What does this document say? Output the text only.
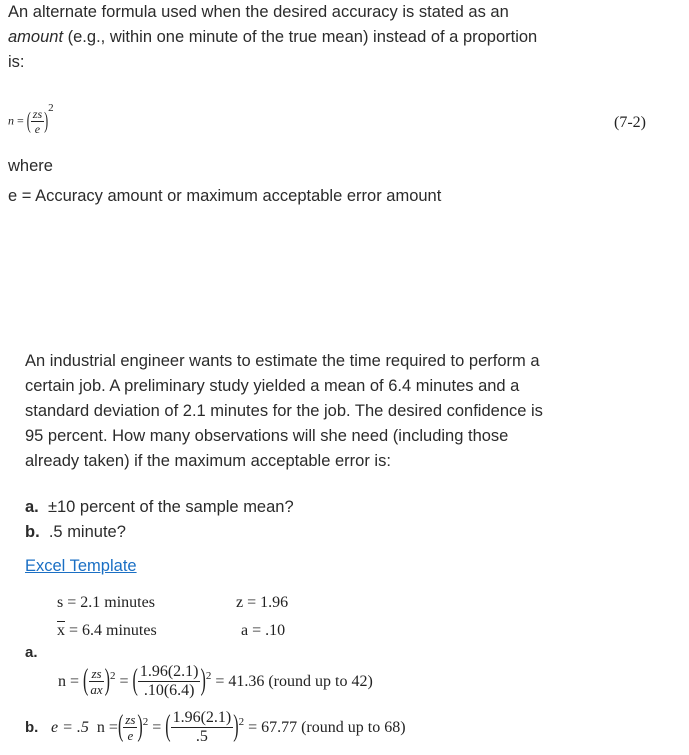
An alternate formula used when the desired accuracy is stated as an
amount (e.g., within one minute of the true mean) instead of a proportion
is:
n = ( $\frac{zs}{e} )2$
(7-2)
where
e = Accuracy amount or maximum acceptable error amount
An industrial engineer wants to estimate the time required to perform a
certain job. A preliminary study yielded a mean of 6.4 minutes and a
standard deviation of 2.1 minutes for the job. The desired confidence is
95 percent. How many observations will she need (including those
already taken) if the maximum acceptable error is:
a. ±10 percent of the sample mean?
b. .5 minute?
Excel Template
s = 2.1 minutes	z = 1.96
$\overline{x} = 6.4$ minutes	a = .10
a.
n =
( $\frac{zs}{a\overline{x}}$ ) 2 = ( $\frac{1.96(2.1)}{.10(6.4)}$ ) 2
= 41.36 (round up to 42)
b. e = .5
n = ( $\frac{zs}{e}$ ) 2 = ( $\frac{1.96(2.1)}{.5}$ ) 2
= 67.77 (round up to 68)
